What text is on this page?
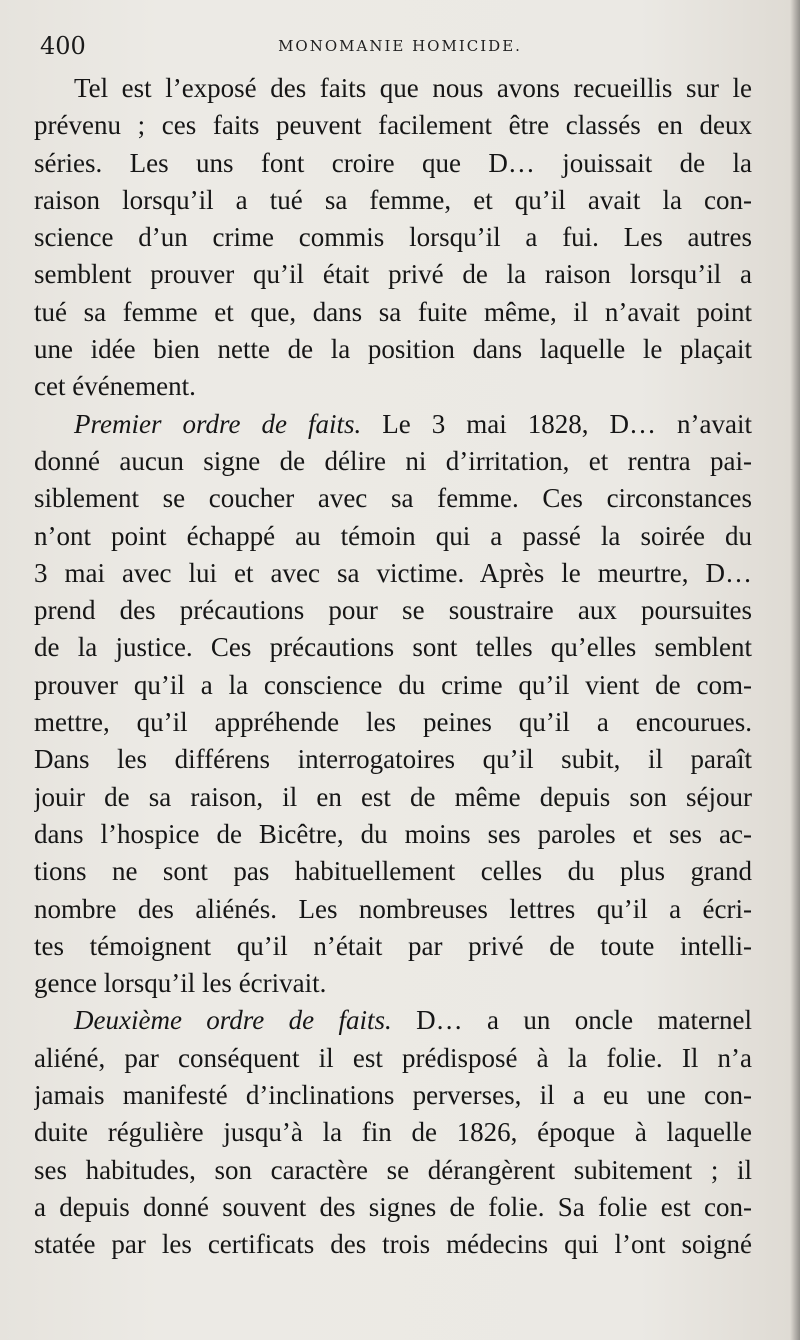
400	MONOMANIE HOMICIDE.
Tel est l’exposé des faits que nous avons recueillis sur le
prévenu ; ces faits peuvent facilement être classés en deux
séries. Les uns font croire que D… jouissait de la
raison lorsqu’il a tué sa femme, et qu’il avait la con-
science d’un crime commis lorsqu’il a fui. Les autres
semblent prouver qu’il était privé de la raison lorsqu’il a
tué sa femme et que, dans sa fuite même, il n’avait point
une idée bien nette de la position dans laquelle le plaçait
cet événement.
Premier ordre de faits. Le 3 mai 1828, D… n’avait
donné aucun signe de délire ni d’irritation, et rentra pai-
siblement se coucher avec sa femme. Ces circonstances
n’ont point échappé au témoin qui a passé la soirée du
3 mai avec lui et avec sa victime. Après le meurtre, D…
prend des précautions pour se soustraire aux poursuites
de la justice. Ces précautions sont telles qu’elles semblent
prouver qu’il a la conscience du crime qu’il vient de com-
mettre, qu’il appréhende les peines qu’il a encourues.
Dans les différens interrogatoires qu’il subit, il paraît
jouir de sa raison, il en est de même depuis son séjour
dans l’hospice de Bicêtre, du moins ses paroles et ses ac-
tions ne sont pas habituellement celles du plus grand
nombre des aliénés. Les nombreuses lettres qu’il a écri-
tes témoignent qu’il n’était par privé de toute intelli-
gence lorsqu’il les écrivait.
Deuxième ordre de faits. D… a un oncle maternel
aliéné, par conséquent il est prédisposé à la folie. Il n’a
jamais manifesté d’inclinations perverses, il a eu une con-
duite régulière jusqu’à la fin de 1826, époque à laquelle
ses habitudes, son caractère se dérangèrent subitement ; il
a depuis donné souvent des signes de folie. Sa folie est con-
statée par les certificats des trois médecins qui l’ont soigné
